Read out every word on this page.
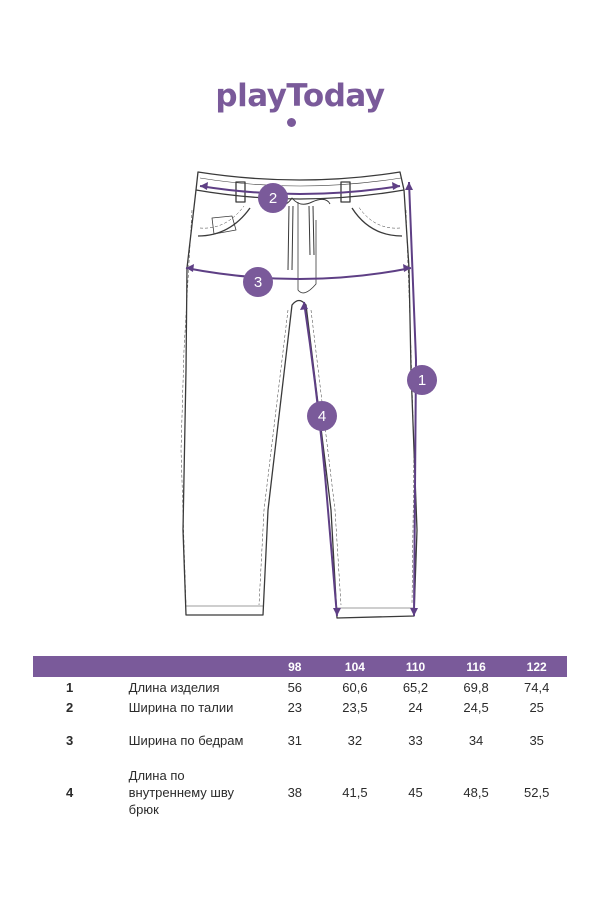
playToday
2
3
1
4
		98	104	110	116	122
1	Длина изделия	56	60,6	65,2	69,8	74,4
2	Ширина по талии	23	23,5	24	24,5	25
3	Ширина по бедрам	31	32	33	34	35
4	Длина по внутреннему шву брюк	38	41,5	45	48,5	52,5
